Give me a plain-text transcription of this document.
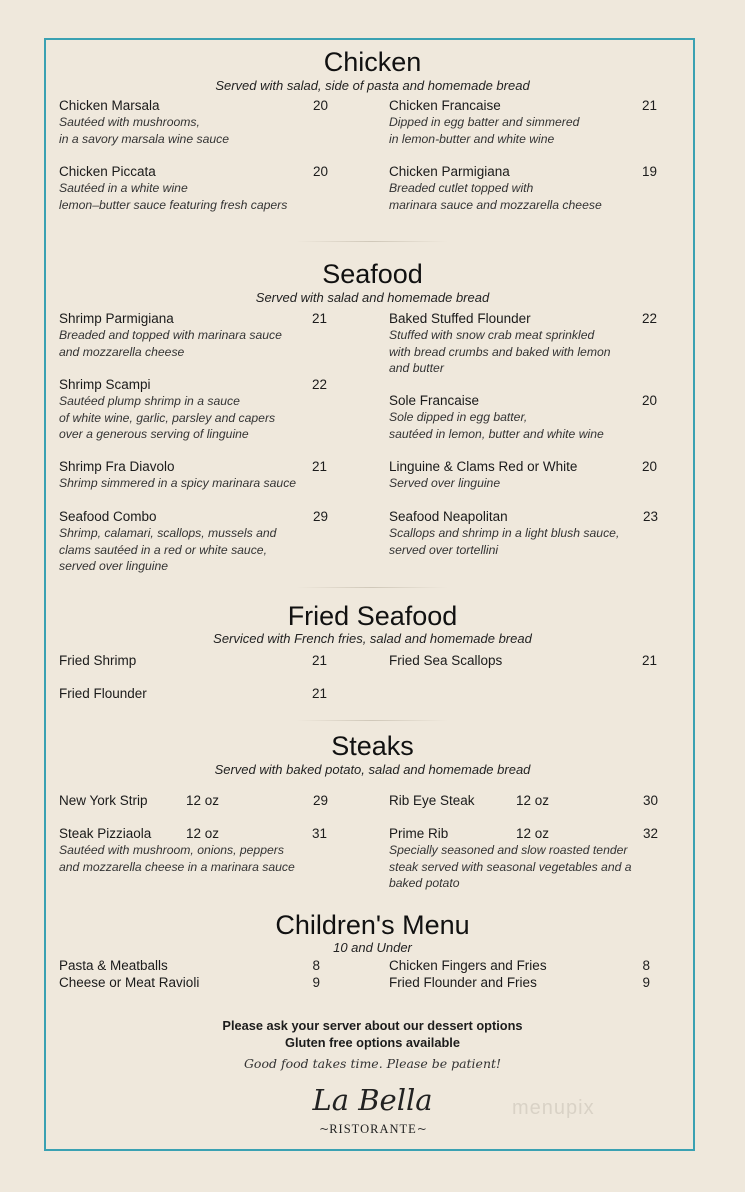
Chicken
Served with salad, side of pasta and homemade bread
Chicken Marsala	20
Sautéed with mushrooms,
in a savory marsala wine sauce
Chicken Francaise	21
Dipped in egg batter and simmered
in lemon-butter and white wine
Chicken Piccata	20
Sautéed in a white wine
lemon–butter sauce featuring fresh capers
Chicken Parmigiana	19
Breaded cutlet topped with
marinara sauce and mozzarella cheese
Seafood
Served with salad and homemade bread
Shrimp Parmigiana	21
Breaded and topped with marinara sauce
and mozzarella cheese
Baked Stuffed Flounder	22
Stuffed with snow crab meat sprinkled
with bread crumbs and baked with lemon
and butter
Shrimp Scampi	22
Sautéed plump shrimp in a sauce
of white wine, garlic, parsley and capers
over a generous serving of linguine
Sole Francaise	20
Sole dipped in egg batter,
sautéed in lemon, butter and white wine
Shrimp Fra Diavolo	21
Shrimp simmered in a spicy marinara sauce
Linguine & Clams Red or White	20
Served over linguine
Seafood Combo	29
Shrimp, calamari, scallops, mussels and
clams sautéed in a red or white sauce,
served over linguine
Seafood Neapolitan	23
Scallops and shrimp in a light blush sauce,
served over tortellini
Fried Seafood
Serviced with French fries, salad and homemade bread
Fried Shrimp	21	Fried Sea Scallops	21
Fried Flounder	21
Steaks
Served with baked potato, salad and homemade bread
New York Strip	12 oz	29	Rib Eye Steak	12 oz	30
Steak Pizziaola	12 oz	31
Sautéed with mushroom, onions, peppers
and mozzarella cheese in a marinara sauce
Prime Rib	12 oz	32
Specially seasoned and slow roasted tender
steak served with seasonal vegetables and a
baked potato
Children's Menu
10 and Under
Pasta & Meatballs	8	Chicken Fingers and Fries	8
Cheese or Meat Ravioli	9	Fried Flounder and Fries	9
Please ask your server about our dessert options
Gluten free options available
Good food takes time. Please be patient!
La Bella
~RISTORANTE~
menupix
